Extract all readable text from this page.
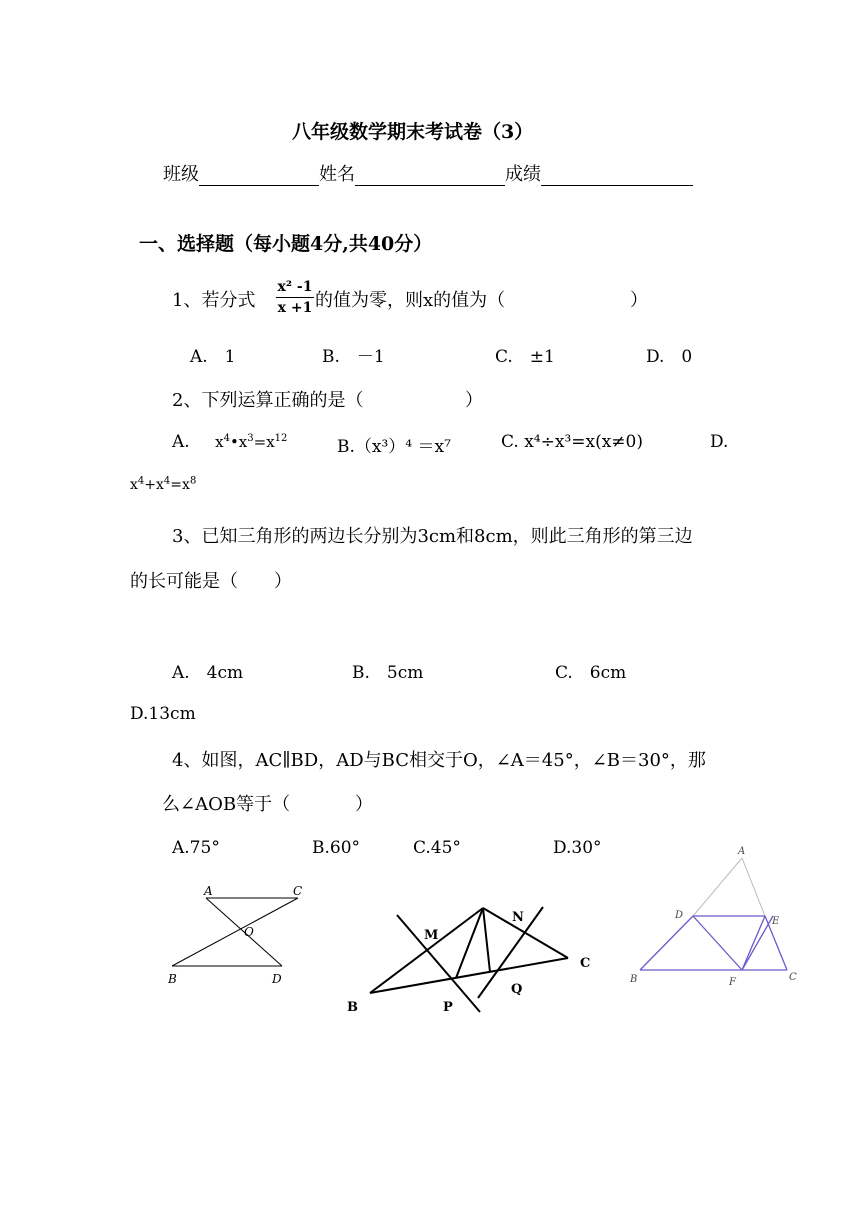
八年级数学期末考试卷（3）
班级	姓名	成绩
一、选择题（每小题4分,共40分）
1、若分式
x² -1
x +1 的值为零，则x的值为（	）
A.　1	B.　－1	C.　±1	D.　0
2、下列运算正确的是（	）
A. $x^4•x^3=x^{12}$	B.（x³）⁴ ＝x⁷	C. x⁴÷x³=x(x≠0)	D.
$x^4+x^4=x^8$
3、已知三角形的两边长分别为3cm和8cm，则此三角形的第三边
的长可能是（　　）
A.　4cm	B.　5cm	C.　6cm
D.13cm
4、如图，AC∥BD，AD与BC相交于O，∠A＝45°，∠B＝30°，那
么∠AOB等于（	）
A.75°	B.60°	C.45°	D.30°
A	C
O
B	D
M
N
C
Q
B	P
A
D
E
B	F	C
